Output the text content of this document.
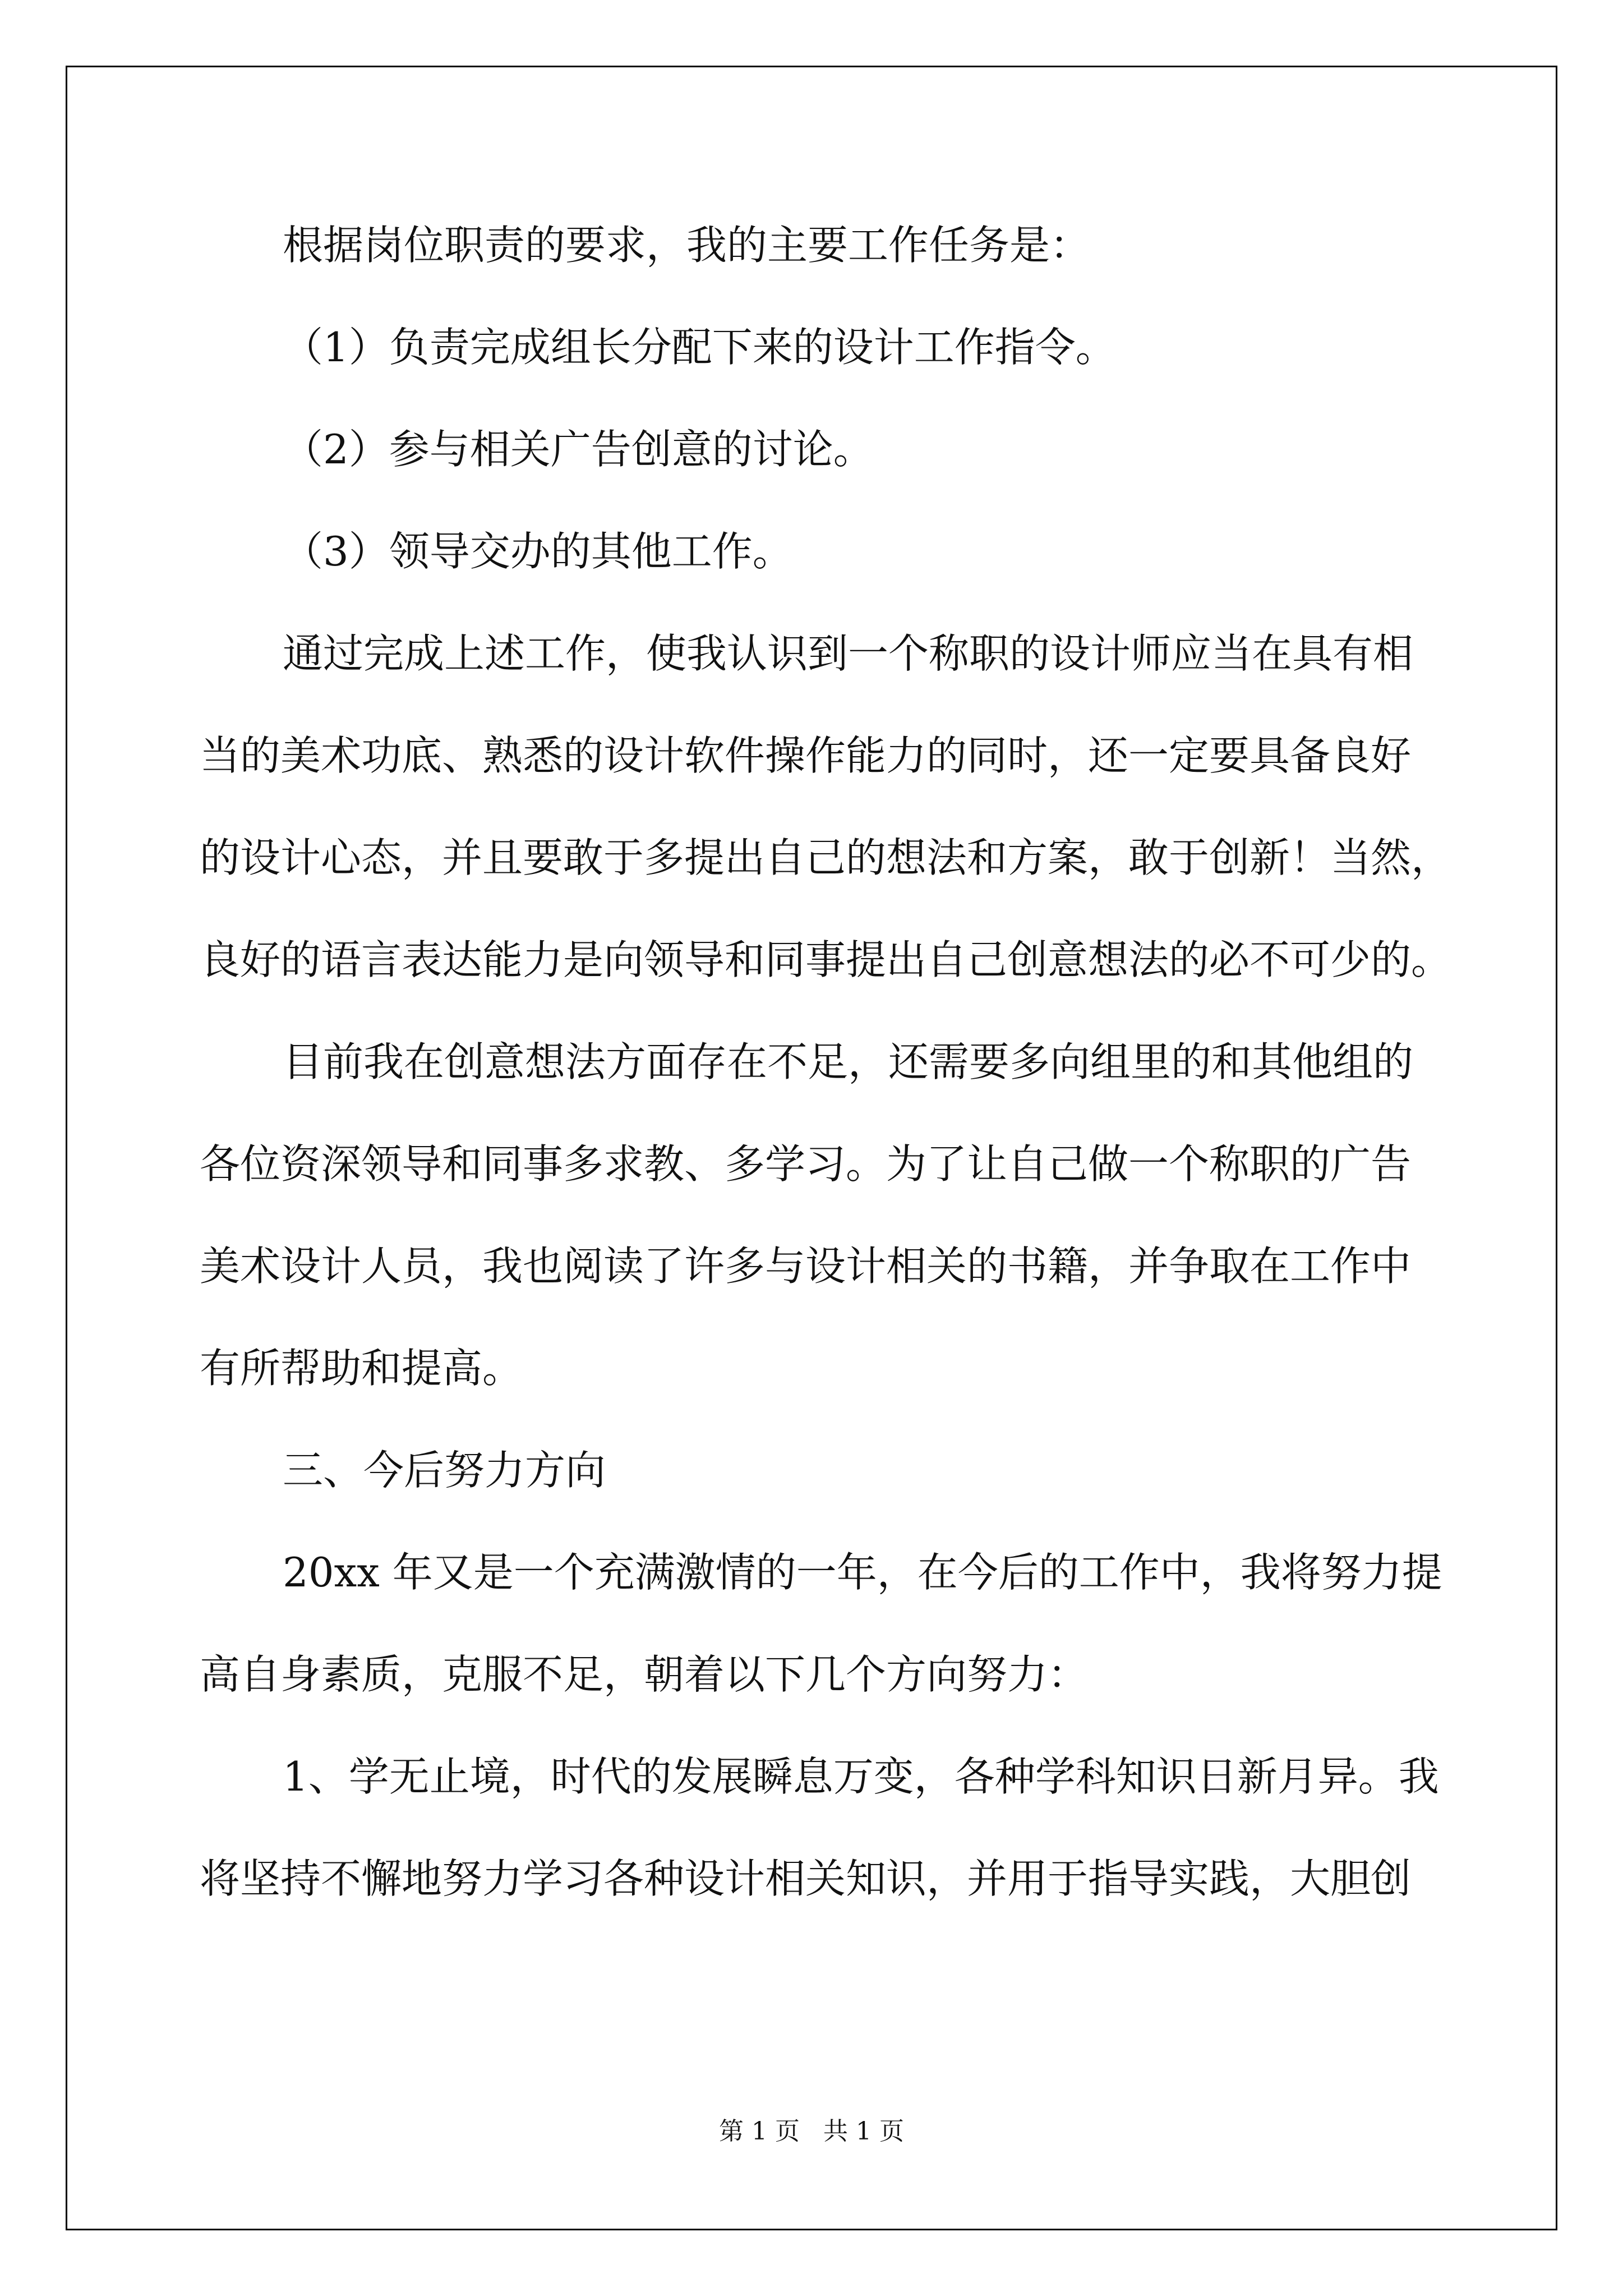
根据岗位职责的要求，我的主要工作任务是：
（1）负责完成组长分配下来的设计工作指令。
（2）参与相关广告创意的讨论。
（3）领导交办的其他工作。
通过完成上述工作，使我认识到一个称职的设计师应当在具有相
当的美术功底、熟悉的设计软件操作能力的同时，还一定要具备良好
的设计心态，并且要敢于多提出自己的想法和方案，敢于创新！当然，
良好的语言表达能力是向领导和同事提出自己创意想法的必不可少的。
目前我在创意想法方面存在不足，还需要多向组里的和其他组的
各位资深领导和同事多求教、多学习。为了让自己做一个称职的广告
美术设计人员，我也阅读了许多与设计相关的书籍，并争取在工作中
有所帮助和提高。
三、今后努力方向
20xx 年又是一个充满激情的一年，在今后的工作中，我将努力提
高自身素质，克服不足，朝着以下几个方向努力：
1、学无止境，时代的发展瞬息万变，各种学科知识日新月异。我
将坚持不懈地努力学习各种设计相关知识，并用于指导实践，大胆创
第 1 页   共 1 页
